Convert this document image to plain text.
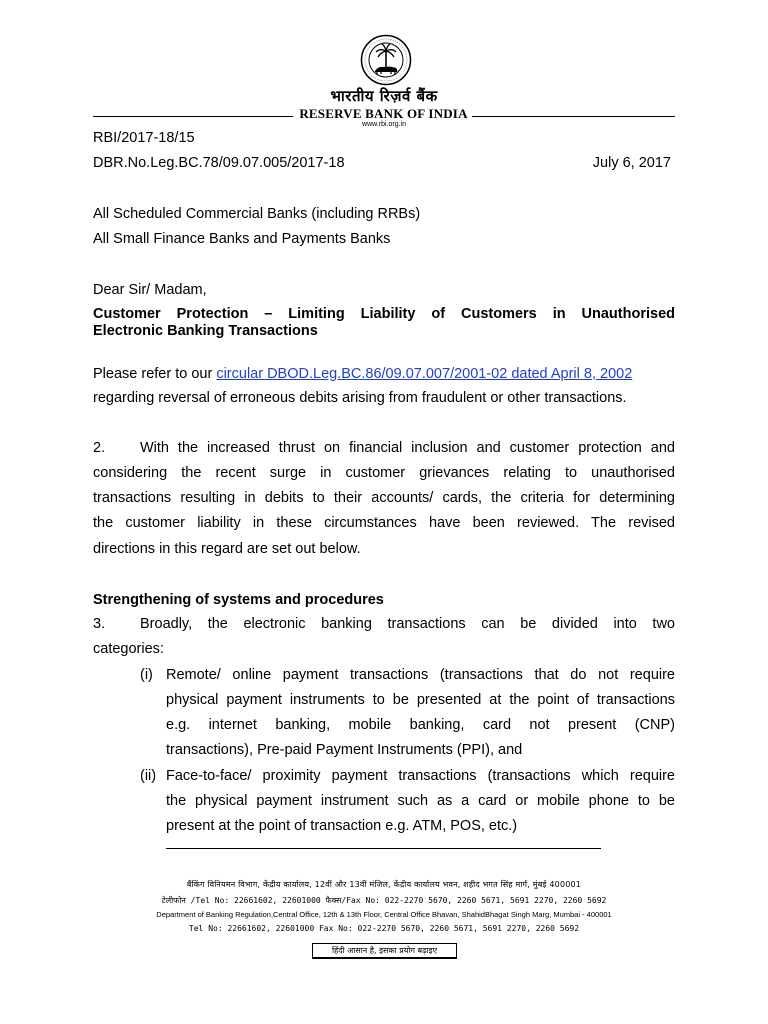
भारतीय रिज़र्व बैंक
RESERVE BANK OF INDIA
www.rbi.org.in
RBI/2017-18/15
DBR.No.Leg.BC.78/09.07.005/2017-18	July 6, 2017
All Scheduled Commercial Banks (including RRBs)
All Small Finance Banks and Payments Banks
Dear Sir/ Madam,
Customer Protection – Limiting Liability of Customers in Unauthorised
Electronic Banking Transactions
Please refer to our circular DBOD.Leg.BC.86/09.07.007/2001-02 dated April 8, 2002
regarding reversal of erroneous debits arising from fraudulent or other transactions.
2. With the increased thrust on financial inclusion and customer protection and
considering the recent surge in customer grievances relating to unauthorised
transactions resulting in debits to their accounts/ cards, the criteria for determining
the customer liability in these circumstances have been reviewed. The revised
directions in this regard are set out below.
Strengthening of systems and procedures
3. Broadly, the electronic banking transactions can be divided into two
categories:
(i) Remote/ online payment transactions (transactions that do not require
physical payment instruments to be presented at the point of transactions
e.g. internet banking, mobile banking, card not present (CNP)
transactions), Pre-paid Payment Instruments (PPI), and
(ii) Face-to-face/ proximity payment transactions (transactions which require
the physical payment instrument such as a card or mobile phone to be
present at the point of transaction e.g. ATM, POS, etc.)
बैंकिंग विनियमन विभाग, केंद्रीय कार्यालय, 12वीं और 13वीं मंजिल, केंद्रीय कार्यालय भवन, शहीद भगत सिंह मार्ग, मुंबई 400001
टेलीफोन /Tel No: 22661602, 22601000 फैक्स/Fax No: 022-2270 5670, 2260 5671, 5691 2270, 2260 5692
Department of Banking Regulation,Central Office, 12th & 13th Floor, Central Office Bhavan, ShahidBhagat Singh Marg, Mumbai - 400001
Tel No: 22661602, 22601000 Fax No: 022-2270 5670, 2260 5671, 5691 2270, 2260 5692
हिंदी आसान है, इसका प्रयोग बढ़ाइए
